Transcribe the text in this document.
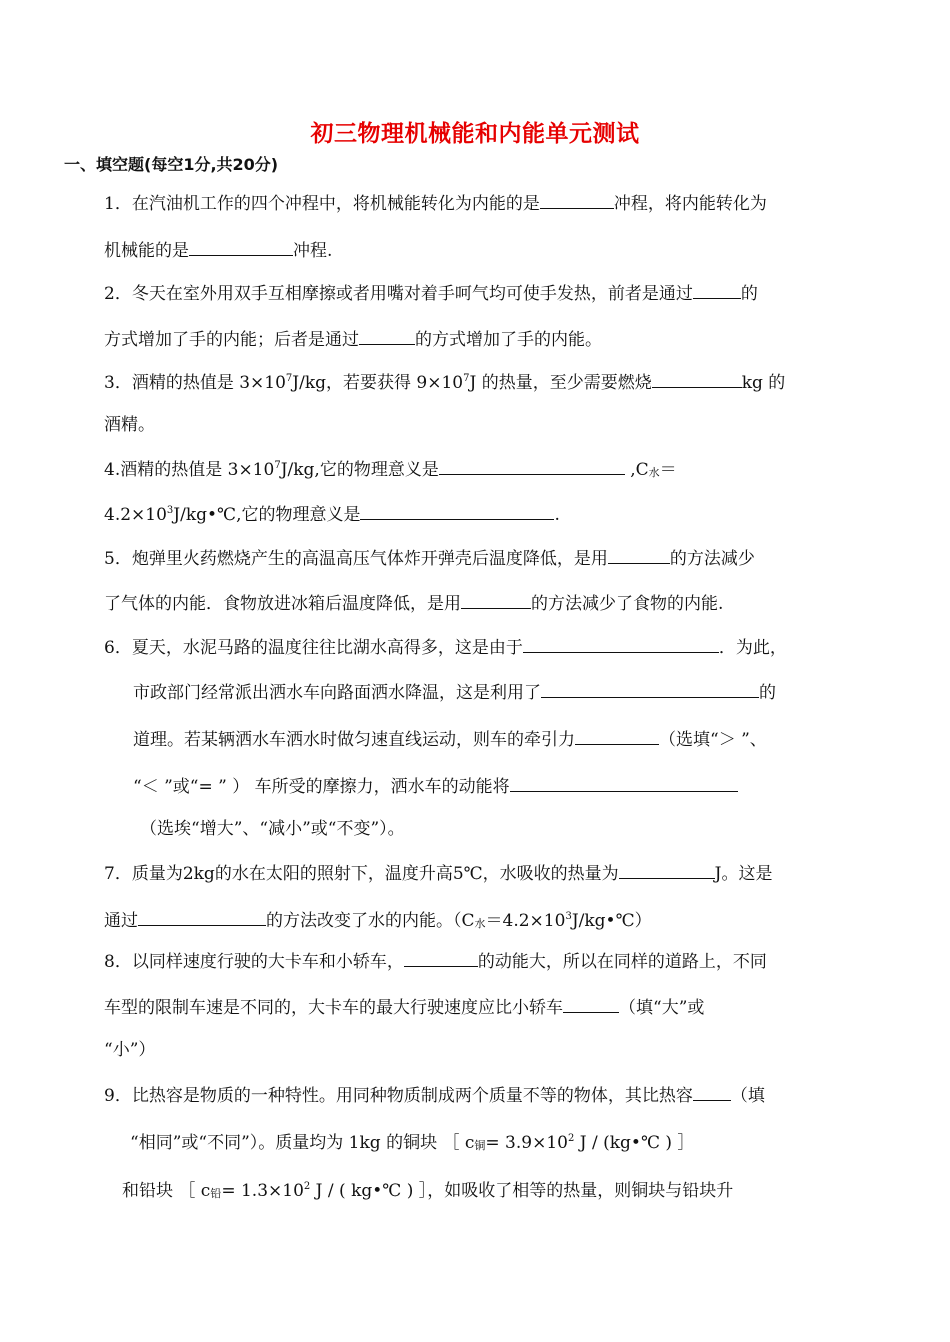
初三物理机械能和内能单元测试
一、填空题(每空1分,共20分)
1．在汽油机工作的四个冲程中，将机械能转化为内能的是	冲程，将内能转化为
机械能的是	冲程.
2．冬天在室外用双手互相摩擦或者用嘴对着手呵气均可使手发热，前者是通过	的
方式增加了手的内能；后者是通过	的方式增加了手的内能。
3．酒精的热值是 $3\times 10^7J/kg$，若要获得 $9\times 10^7J$ 的热量，至少需要燃烧	kg 的
酒精。
4.酒精的热值是 $3\times 10^7J/kg$,它的物理意义是	$,C_水=$
$4.2\times 10^3J/kg•℃$,它的物理意义是	.
5．炮弹里火药燃烧产生的高温高压气体炸开弹壳后温度降低，是用	的方法减少
了气体的内能．食物放进冰箱后温度降低，是用	的方法减少了食物的内能.
6．夏天，水泥马路的温度往往比湖水高得多，这是由于	．为此，
市政部门经常派出洒水车向路面洒水降温，这是利用了	的
道理。若某辆洒水车洒水时做匀速直线运动，则车的牵引力	（选填“＞ ”、
“＜ ”或“= ” ） 车所受的摩擦力，洒水车的动能将
（选埃“增大”、“减小”或“不变”）。
7．质量为2kg的水在太阳的照射下，温度升高5℃，水吸收的热量为	J。这是
通过	的方法改变了水的内能。$(C_水=4.2\times 10^3J/kg•℃)$
8．以同样速度行驶的大卡车和小轿车，	的动能大，所以在同样的道路上，不同
车型的限制车速是不同的，大卡车的最大行驶速度应比小轿车	（填“大”或
“小”）
9．比热容是物质的一种特性。用同种物质制成两个质量不等的物体，其比热容 （填
“相同”或“不同”）。质量均为 1kg 的铜块 ［ $c_铜= 3.9\times 10^2$ J / (kg•℃ ) ］
和铅块 ［ $c_铅= 1.3\times 10^2$ J / ( kg•℃ ) ］，如吸收了相等的热量，则铜块与铅块升
